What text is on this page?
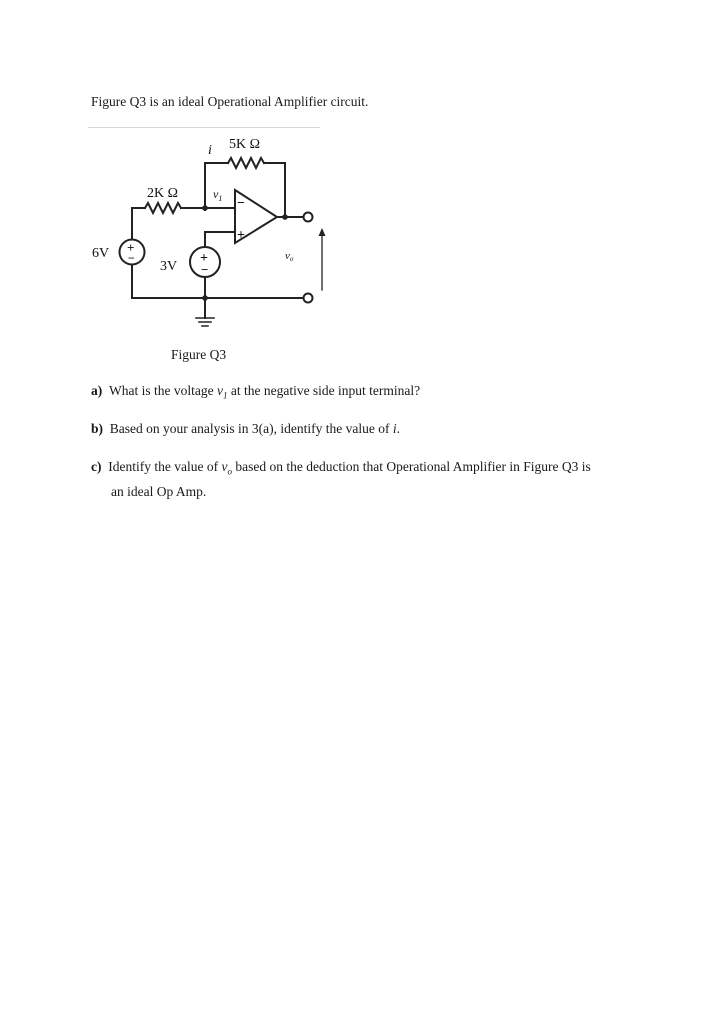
Figure Q3 is an ideal Operational Amplifier circuit.
+
−	+
−
5K Ω
i
2K Ω	$v_1$ −
+
6V
3V
vo
Figure Q3
a) What is the voltage $v_1$ at the negative side input terminal?
b) Based on your analysis in 3(a), identify the value of i.
c) Identify the value of $v_o$ based on the deduction that Operational Amplifier in Figure Q3 is
an ideal Op Amp.
